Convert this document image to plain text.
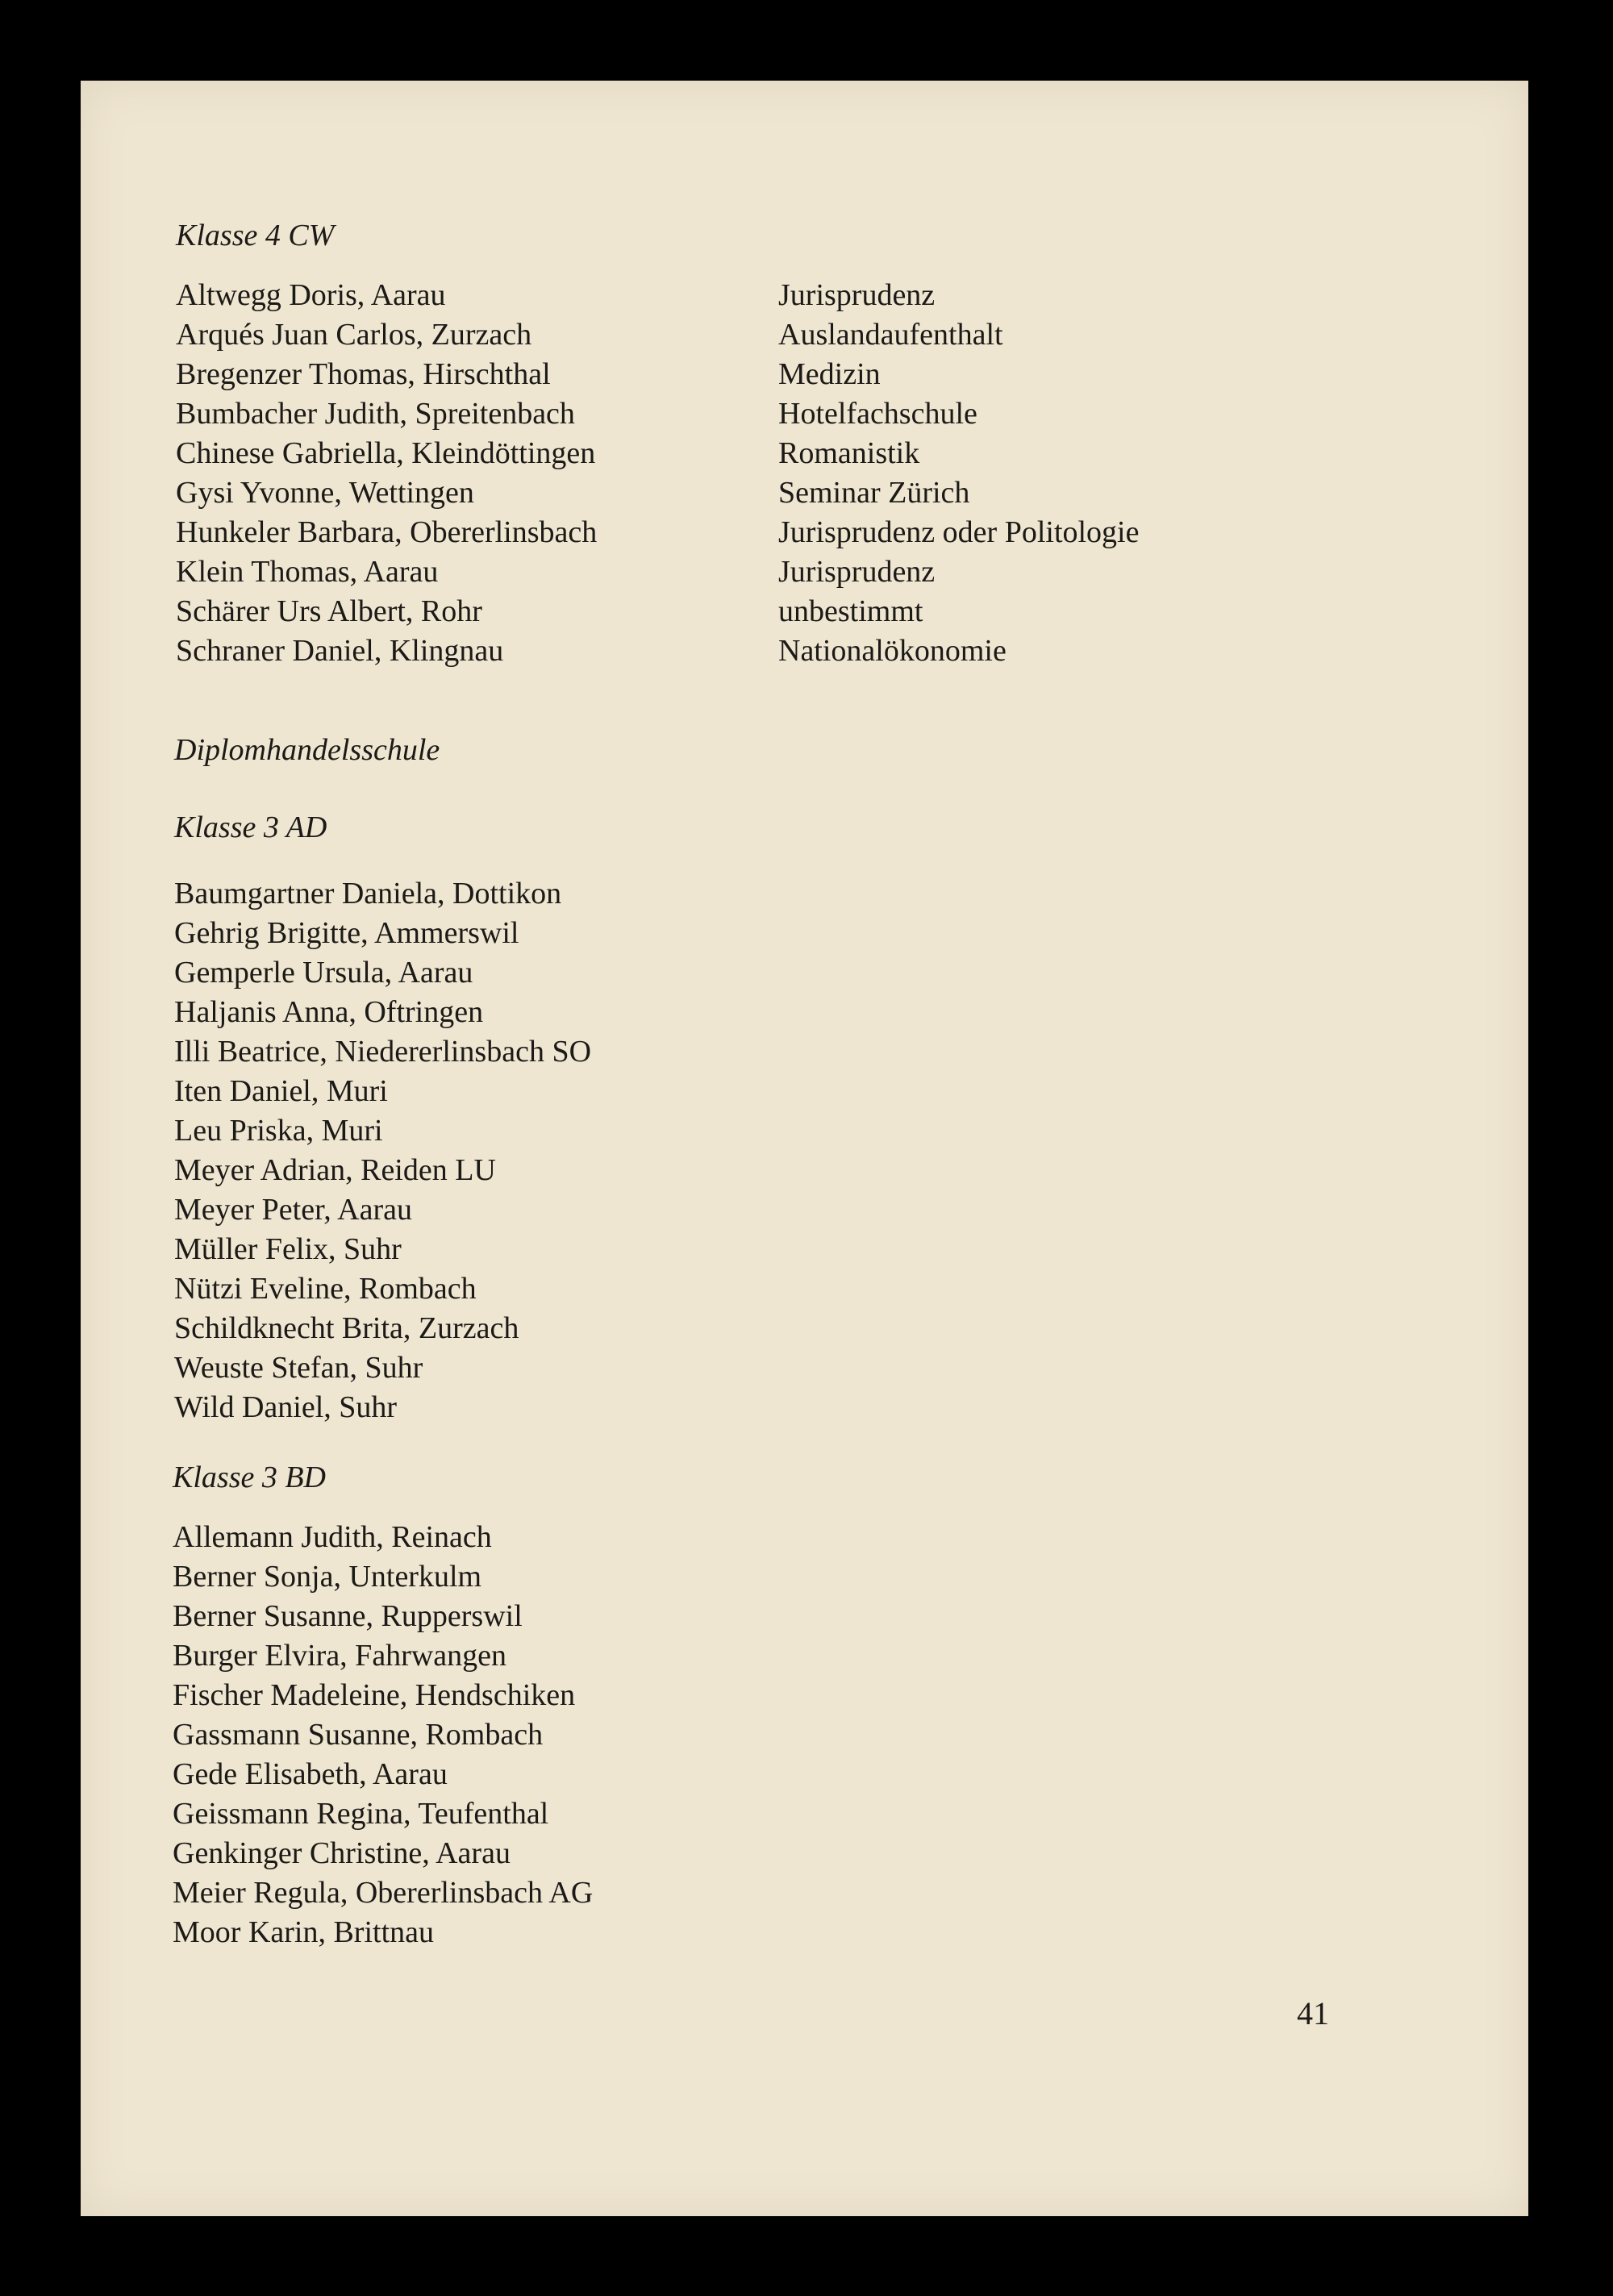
Klasse 4 CW
Altwegg Doris, Aarau
Arqués Juan Carlos, Zurzach
Bregenzer Thomas, Hirschthal
Bumbacher Judith, Spreitenbach
Chinese Gabriella, Kleindöttingen
Gysi Yvonne, Wettingen
Hunkeler Barbara, Obererlinsbach
Klein Thomas, Aarau
Schärer Urs Albert, Rohr
Schraner Daniel, Klingnau
Jurisprudenz
Auslandaufenthalt
Medizin
Hotelfachschule
Romanistik
Seminar Zürich
Jurisprudenz oder Politologie
Jurisprudenz
unbestimmt
Nationalökonomie
Diplomhandelsschule
Klasse 3 AD
Baumgartner Daniela, Dottikon
Gehrig Brigitte, Ammerswil
Gemperle Ursula, Aarau
Haljanis Anna, Oftringen
Illi Beatrice, Niedererlinsbach SO
Iten Daniel, Muri
Leu Priska, Muri
Meyer Adrian, Reiden LU
Meyer Peter, Aarau
Müller Felix, Suhr
Nützi Eveline, Rombach
Schildknecht Brita, Zurzach
Weuste Stefan, Suhr
Wild Daniel, Suhr
Klasse 3 BD
Allemann Judith, Reinach
Berner Sonja, Unterkulm
Berner Susanne, Rupperswil
Burger Elvira, Fahrwangen
Fischer Madeleine, Hendschiken
Gassmann Susanne, Rombach
Gede Elisabeth, Aarau
Geissmann Regina, Teufenthal
Genkinger Christine, Aarau
Meier Regula, Obererlinsbach AG
Moor Karin, Brittnau
41
